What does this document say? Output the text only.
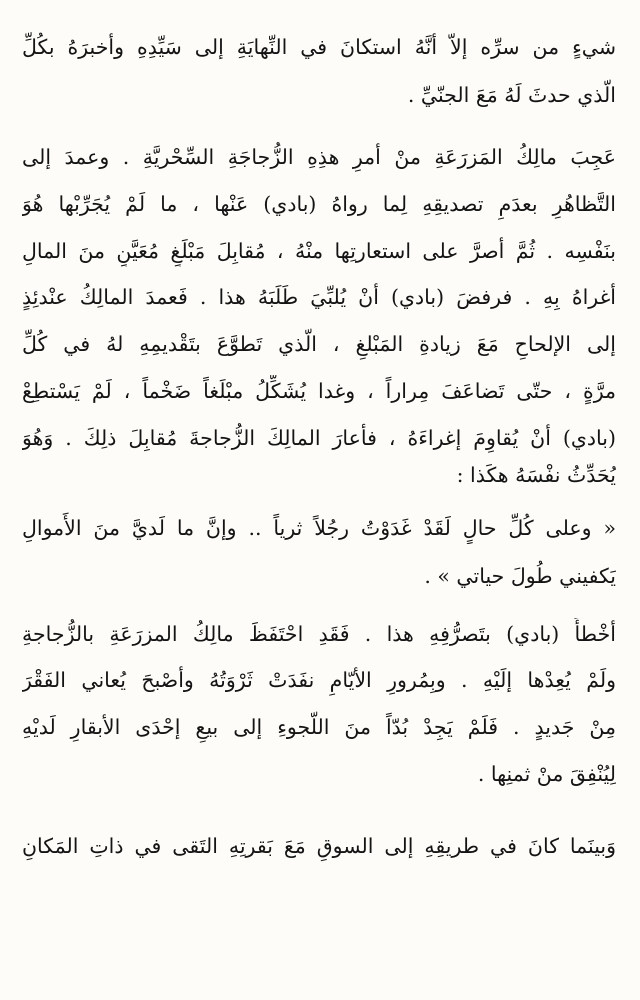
شيءٍ من سرِّه إلاّ أنَّهُ استكانَ في النِّهايَةِ إلى سَيِّدِهِ وأخبرَهُ بكُلِّ
الّذي حدثَ لَهُ مَعَ الجنّيِّ .
عَجِبَ مالِكُ المَزرَعَةِ منْ أمرِ هذِهِ الزُّجاجَةِ السِّحْريَّةِ . وعمدَ إلى
التَّظاهُرِ بعدَمِ تصديقِهِ لِما رواهُ (بادي) عَنْها ، ما لَمْ يُجَرِّبْها هُوَ
بنَفْسِه . ثُمَّ أصرَّ على استعارتِها منْهُ ، مُقابِلَ مَبْلَغٍ مُعَيَّنٍ منَ المالِ
أغراهُ بِهِ . فرفضَ (بادي) أنْ يُلبِّيَ طَلَبَهُ هذا . فَعمدَ المالِكُ عنْدئِذٍ
إلى الإلحاحِ مَعَ زيادةِ المَبْلغِ ، الّذي تَطوَّعَ بتَقْديمِهِ لهُ في كُلِّ
مرَّةٍ ، حتّى تَضاعَفَ مِراراً ، وغدا يُشَكِّلُ مبْلَغاً ضَخْماً ، لَمْ يَسْتطِعْ
(بادي) أنْ يُقاوِمَ إغراءَهُ ، فأعارَ المالِكَ الزُّجاجةَ مُقابِلَ ذلِكَ . وَهُوَ
يُحَدِّثُ نفْسَهُ هكَذا :
« وعلى كُلِّ حالٍ لَقَدْ غَدَوْتُ رجُلاً ثرياً .. وإنَّ ما لَديَّ منَ الأَموالِ
يَكفيني طُولَ حياتي » .
أخْطأَ (بادي) بتَصرُّفِهِ هذا . فَقَدِ احْتَفَظَ مالِكُ المزرَعَةِ بالزُّجاجةِ
ولَمْ يُعِدْها إلَيْهِ . وبِمُرورِ الأيّامِ نفَدَتْ ثَرْوَتُهُ وأصْبحَ يُعاني الفَقْرَ
مِنْ جَديدٍ . فَلَمْ يَجِدْ بُدّاً منَ اللّجوءِ إلى بيعِ إحْدَى الأبقارِ لَديْهِ
لِيُنْفِقَ منْ ثمنِها .
وَبينَما كانَ في طريقِهِ إلى السوقِ مَعَ بَقرتِهِ التَقى في ذاتِ المَكانِ
